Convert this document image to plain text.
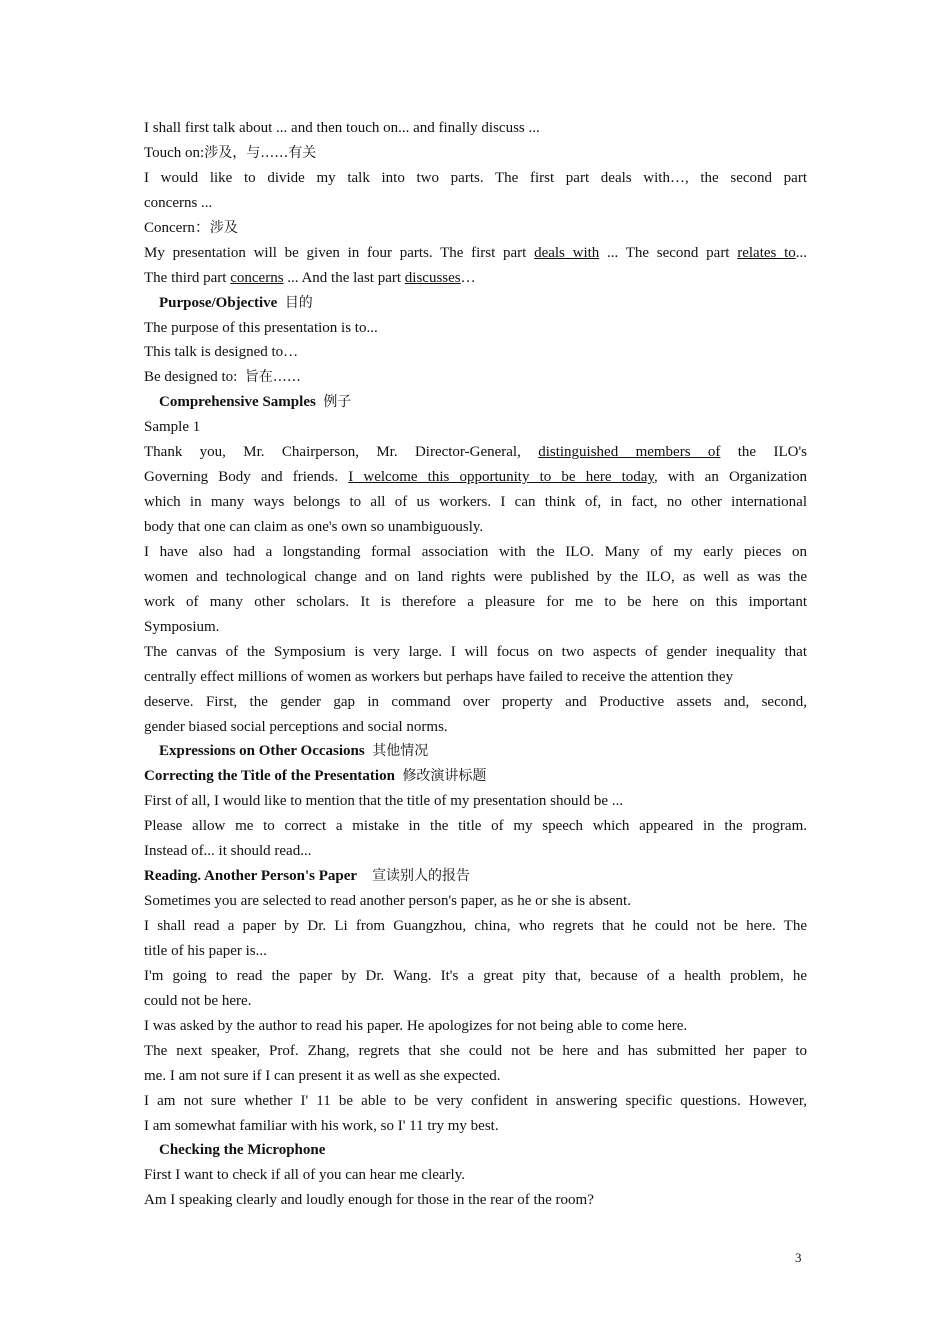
I shall first talk about ... and then touch on... and finally discuss ...
Touch on:涉及，与……有关
I would like to divide my talk into two parts. The first part deals with…, the second part
concerns ...
Concern：涉及
My presentation will be given in four parts. The first part deals with ... The second part relates to...
The third part concerns ... And the last part discusses…
Purpose/Objective 目的
The purpose of this presentation is to...
This talk is designed to…
Be designed to:  旨在……
Comprehensive Samples 例子
Sample 1
Thank you, Mr. Chairperson, Mr. Director-General, distinguished members of the ILO's
Governing Body and friends. I welcome this opportunity to be here today, with an Organization
which in many ways belongs to all of us workers. I can think of, in fact, no other international
body that one can claim as one's own so unambiguously.
I have also had a longstanding formal association with the ILO. Many of my early pieces on
women and technological change and on land rights were published by the ILO, as well as was the
work of many other scholars. It is therefore a pleasure for me to be here on this important
Symposium.
The canvas of the Symposium is very large. I will focus on two aspects of gender inequality that
centrally effect millions of women as workers but perhaps have failed to receive the attention they
deserve. First, the gender gap in command over property and Productive assets and, second,
gender biased social perceptions and social norms.
Expressions on Other Occasions 其他情况
Correcting the Title of the Presentation 修改演讲标题
First of all, I would like to mention that the title of my presentation should be ...
Please allow me to correct a mistake in the title of my speech which appeared in the program.
Instead of... it should read...
Reading. Another Person's Paper 宣读别人的报告
Sometimes you are selected to read another person's paper, as he or she is absent.
I shall read a paper by Dr. Li from Guangzhou, china, who regrets that he could not be here. The
title of his paper is...
I'm going to read the paper by Dr. Wang. It's a great pity that, because of a health problem, he
could not be here.
I was asked by the author to read his paper. He apologizes for not being able to come here.
The next speaker, Prof. Zhang, regrets that she could not be here and has submitted her paper to
me. I am not sure if I can present it as well as she expected.
I am not sure whether I' 11 be able to be very confident in answering specific questions. However,
I am somewhat familiar with his work, so I' 11 try my best.
Checking the Microphone
First I want to check if all of you can hear me clearly.
Am I speaking clearly and loudly enough for those in the rear of the room?
3
